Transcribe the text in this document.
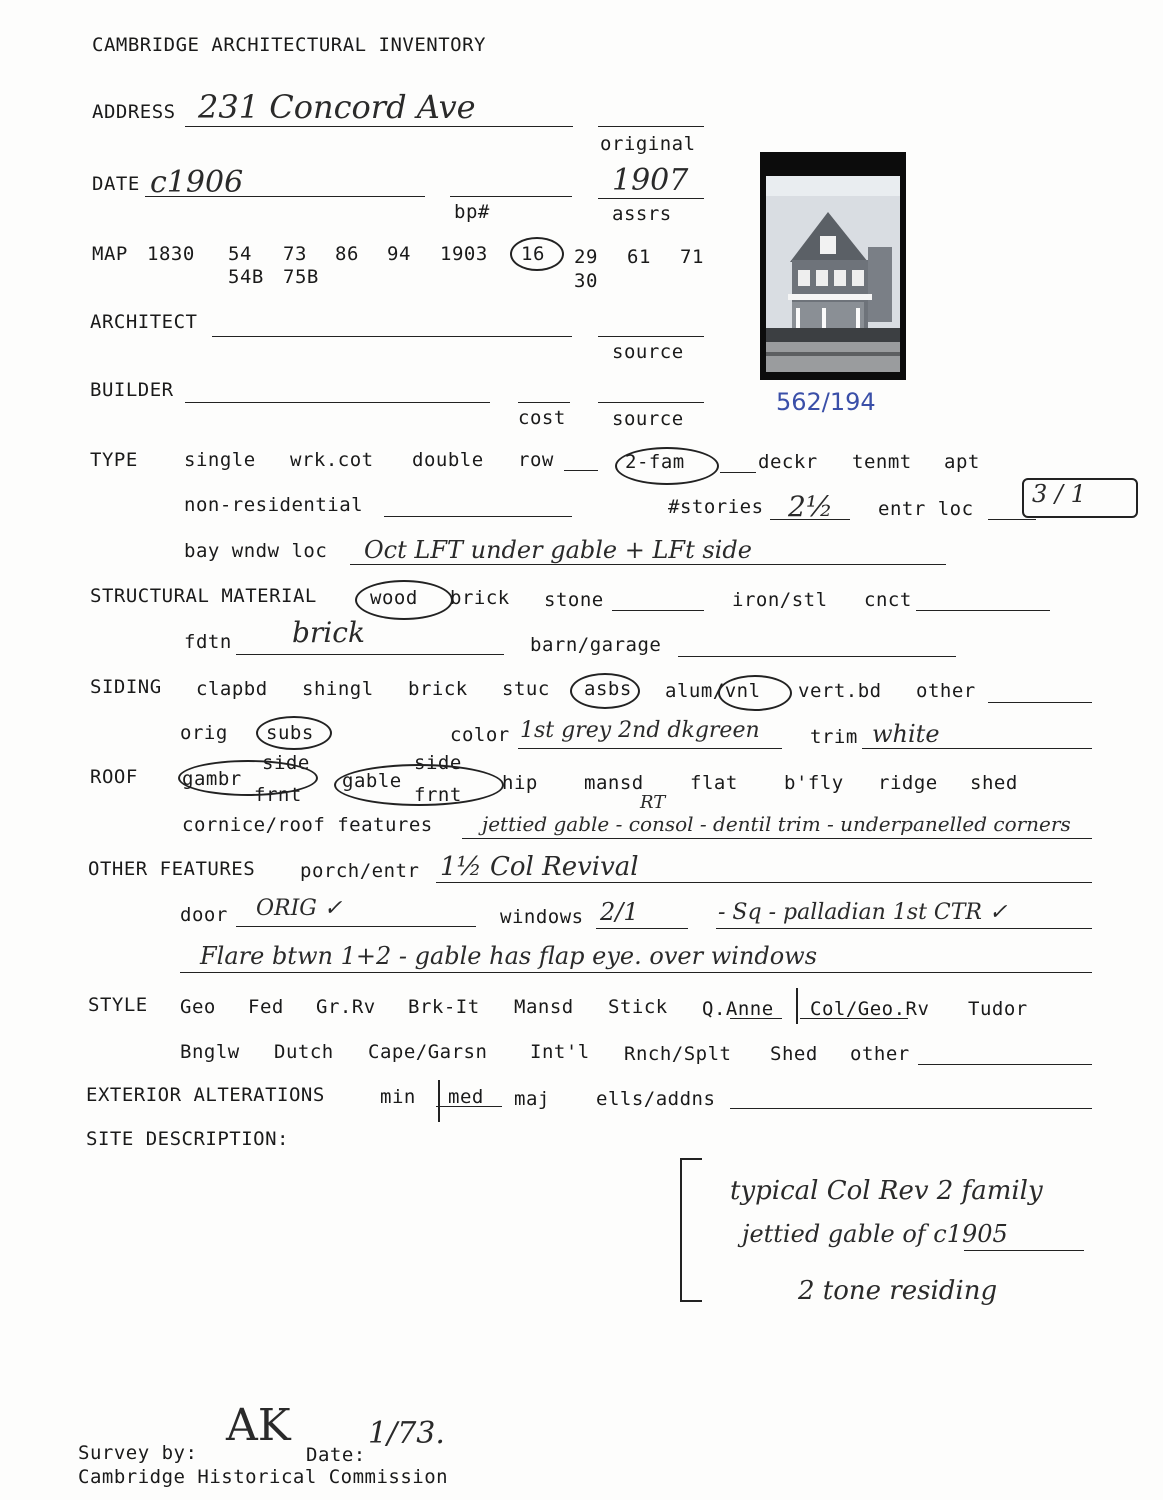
CAMBRIDGE ARCHITECTURAL INVENTORY
ADDRESS 231 Concord Ave
original
DATE c1906
bp#
1907
assrs
MAP 1830 54 73 86 94 1903 16 29 61 71
54B 75B	30
562/194
ARCHITECT
source
BUILDER
cost source
TYPE single wrk.cot double row	2-fam	deckr tenmt apt
non-residential	#stories 2½ entr loc
3 / 1
bay wndw loc Oct LFT under gable + LFt side
STRUCTURAL MATERIAL	wood brick stone	iron/stl cnct
fdtn brick	barn/garage
SIDING clapbd shingl brick stuc asbs alum/vnl vert.bd other
orig subs	color 1st grey 2nd dkgreen	trim white
ROOF gambr
side
frnt
gable
side
frnt
hip mansd
RT
flat b'fly ridge shed
cornice/roof features jettied gable - consol - dentil trim - underpanelled corners
OTHER FEATURES porch/entr 1½ Col Revival
door ORIG ✓	windows 2/1	- Sq - palladian 1st CTR ✓
Flare btwn 1+2 - gable has flap eye. over windows
STYLE Geo Fed Gr.Rv Brk-It Mansd Stick Q.Anne Col/Geo.Rv Tudor
Bnglw Dutch Cape/Garsn Int'l Rnch/Splt Shed other
EXTERIOR ALTERATIONS	min med maj ells/addns
SITE DESCRIPTION:
typical Col Rev 2 family
jettied gable of c1905
2 tone residing
Survey by:
AK
Date:
1/73.
Cambridge Historical Commission
